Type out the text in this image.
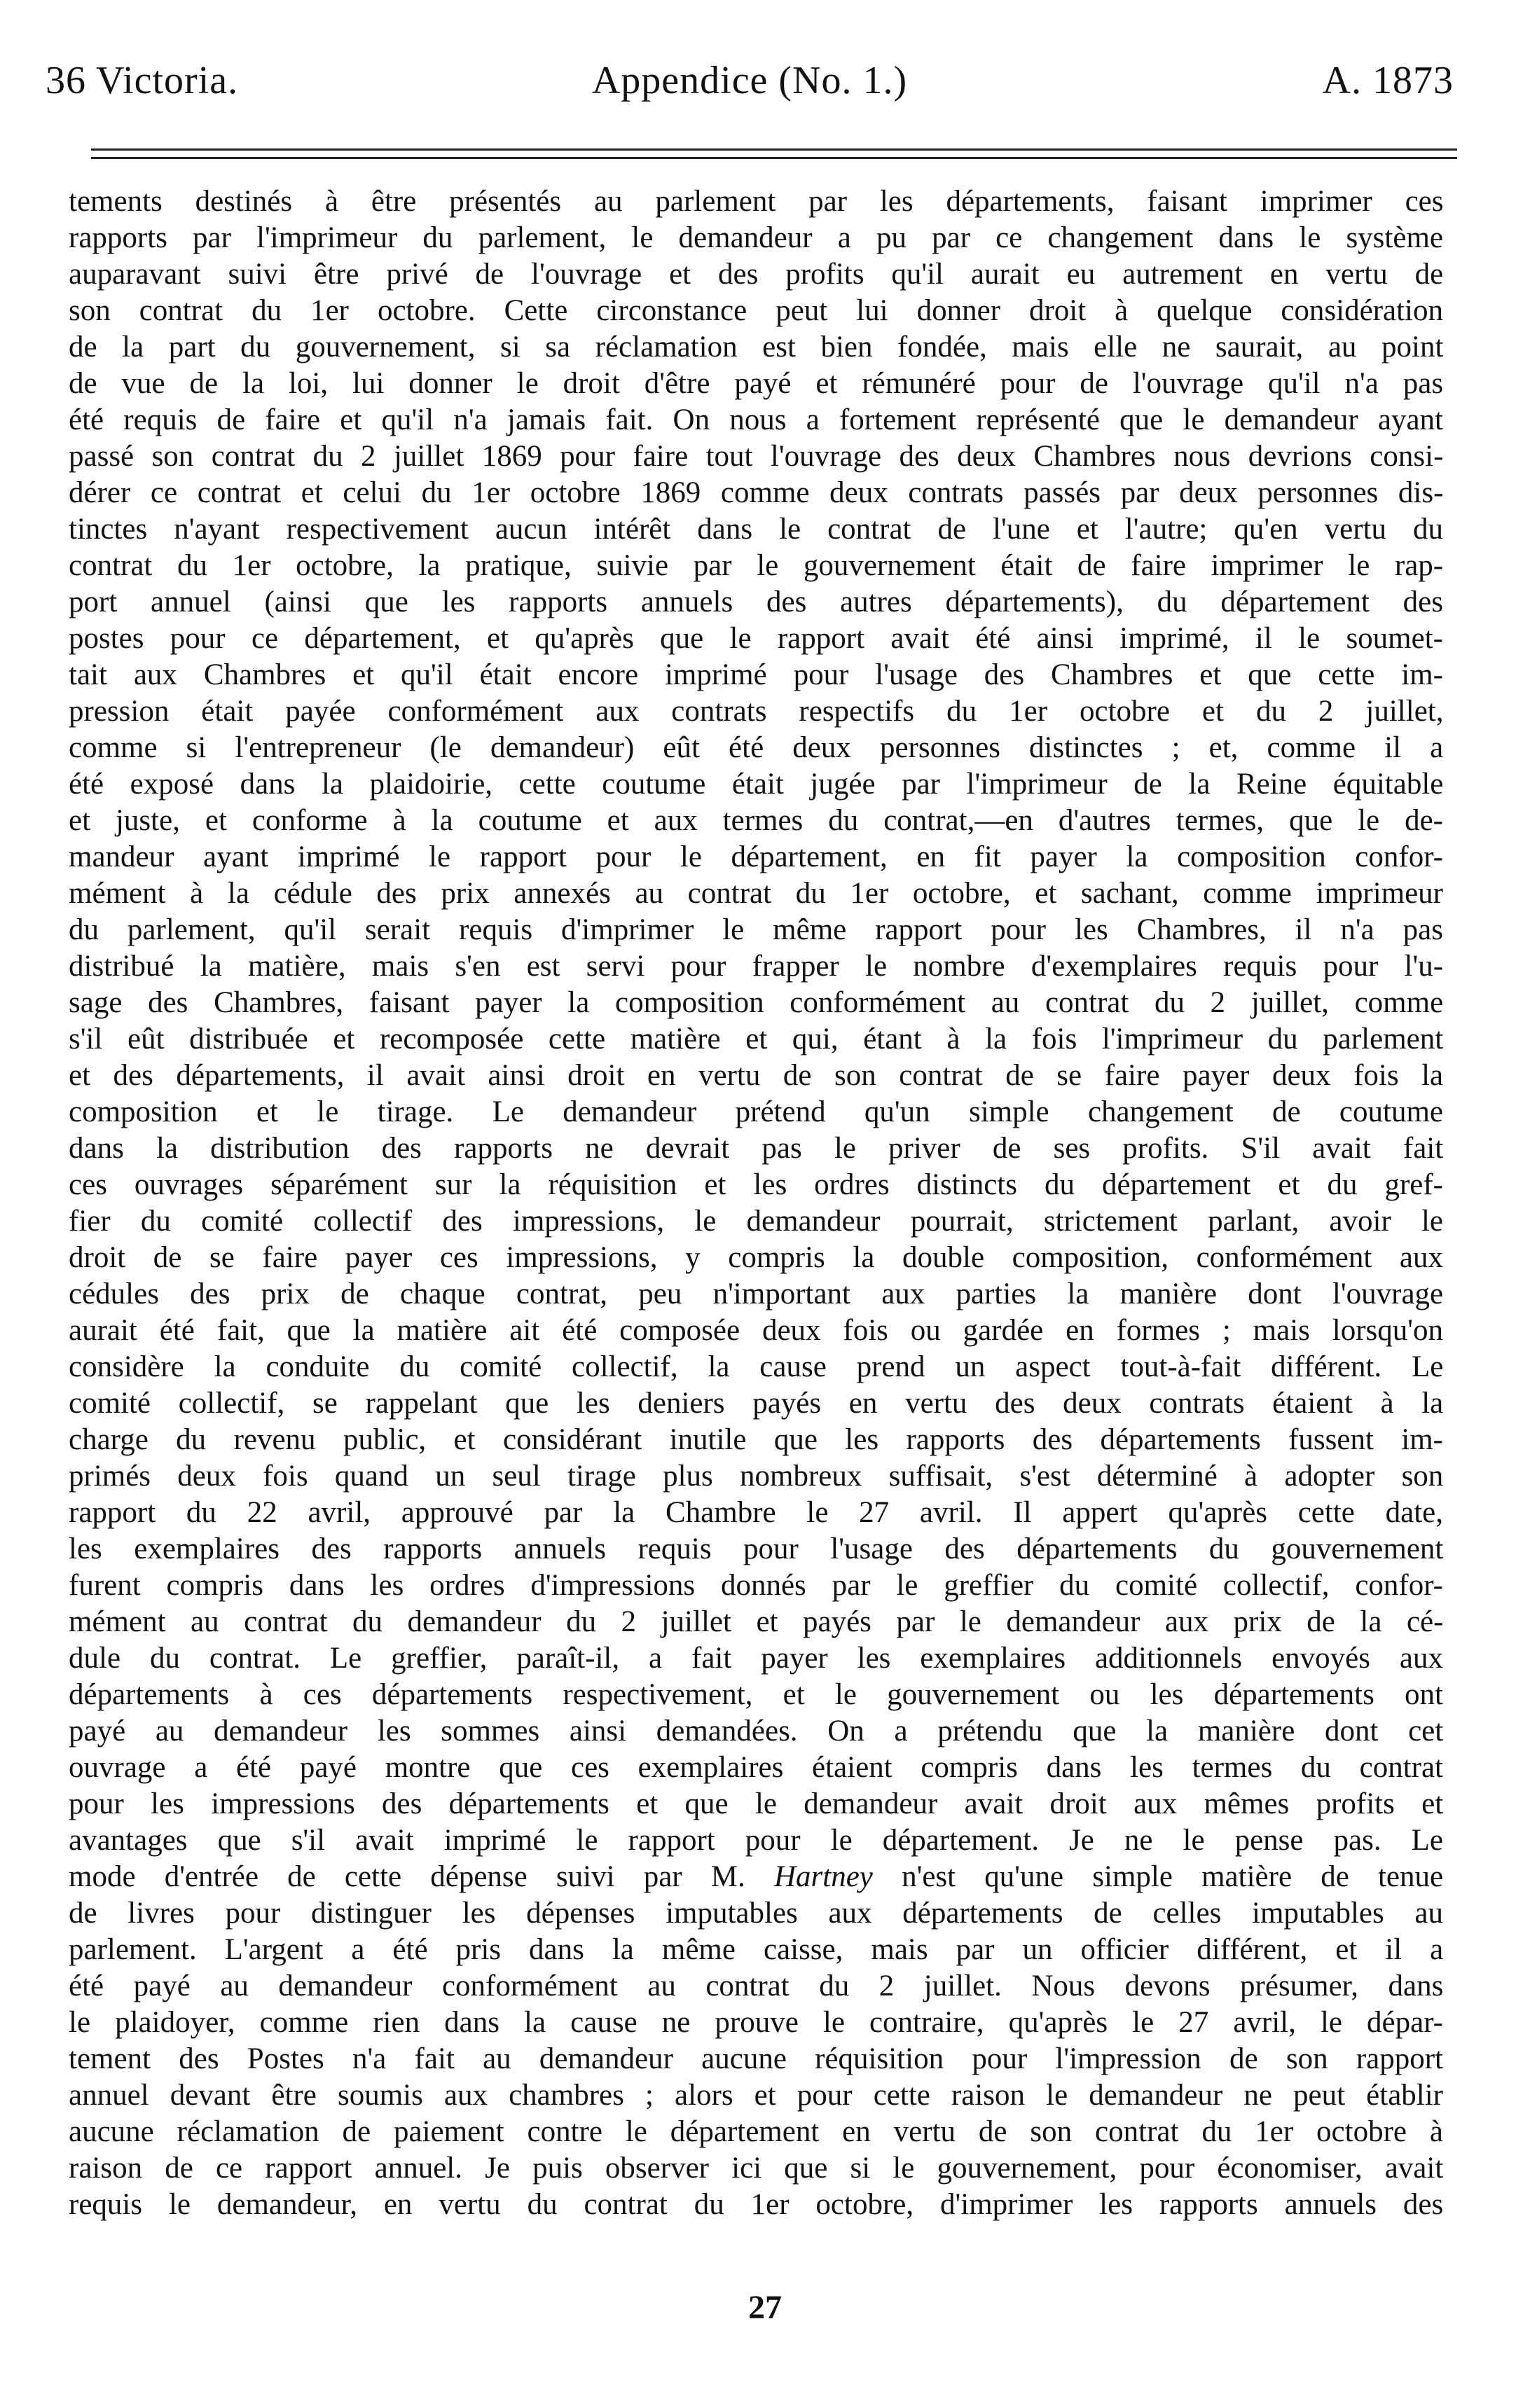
36 Victoria.	Appendice (No. 1.)	A. 1873
tements destinés à être présentés au parlement par les départements, faisant imprimer ces
rapports par l'imprimeur du parlement, le demandeur a pu par ce changement dans le système
auparavant suivi être privé de l'ouvrage et des profits qu'il aurait eu autrement en vertu de
son contrat du 1er octobre. Cette circonstance peut lui donner droit à quelque considération
de la part du gouvernement, si sa réclamation est bien fondée, mais elle ne saurait, au point
de vue de la loi, lui donner le droit d'être payé et rémunéré pour de l'ouvrage qu'il n'a pas
été requis de faire et qu'il n'a jamais fait. On nous a fortement représenté que le demandeur ayant
passé son contrat du 2 juillet 1869 pour faire tout l'ouvrage des deux Chambres nous devrions consi-
dérer ce contrat et celui du 1er octobre 1869 comme deux contrats passés par deux personnes dis-
tinctes n'ayant respectivement aucun intérêt dans le contrat de l'une et l'autre; qu'en vertu du
contrat du 1er octobre, la pratique, suivie par le gouvernement était de faire imprimer le rap-
port annuel (ainsi que les rapports annuels des autres départements), du département des
postes pour ce département, et qu'après que le rapport avait été ainsi imprimé, il le soumet-
tait aux Chambres et qu'il était encore imprimé pour l'usage des Chambres et que cette im-
pression était payée conformément aux contrats respectifs du 1er octobre et du 2 juillet,
comme si l'entrepreneur (le demandeur) eût été deux personnes distinctes ; et, comme il a
été exposé dans la plaidoirie, cette coutume était jugée par l'imprimeur de la Reine équitable
et juste, et conforme à la coutume et aux termes du contrat,—en d'autres termes, que le de-
mandeur ayant imprimé le rapport pour le département, en fit payer la composition confor-
mément à la cédule des prix annexés au contrat du 1er octobre, et sachant, comme imprimeur
du parlement, qu'il serait requis d'imprimer le même rapport pour les Chambres, il n'a pas
distribué la matière, mais s'en est servi pour frapper le nombre d'exemplaires requis pour l'u-
sage des Chambres, faisant payer la composition conformément au contrat du 2 juillet, comme
s'il eût distribuée et recomposée cette matière et qui, étant à la fois l'imprimeur du parlement
et des départements, il avait ainsi droit en vertu de son contrat de se faire payer deux fois la
composition et le tirage. Le demandeur prétend qu'un simple changement de coutume
dans la distribution des rapports ne devrait pas le priver de ses profits. S'il avait fait
ces ouvrages séparément sur la réquisition et les ordres distincts du département et du gref-
fier du comité collectif des impressions, le demandeur pourrait, strictement parlant, avoir le
droit de se faire payer ces impressions, y compris la double composition, conformément aux
cédules des prix de chaque contrat, peu n'important aux parties la manière dont l'ouvrage
aurait été fait, que la matière ait été composée deux fois ou gardée en formes ; mais lorsqu'on
considère la conduite du comité collectif, la cause prend un aspect tout-à-fait différent. Le
comité collectif, se rappelant que les deniers payés en vertu des deux contrats étaient à la
charge du revenu public, et considérant inutile que les rapports des départements fussent im-
primés deux fois quand un seul tirage plus nombreux suffisait, s'est déterminé à adopter son
rapport du 22 avril, approuvé par la Chambre le 27 avril. Il appert qu'après cette date,
les exemplaires des rapports annuels requis pour l'usage des départements du gouvernement
furent compris dans les ordres d'impressions donnés par le greffier du comité collectif, confor-
mément au contrat du demandeur du 2 juillet et payés par le demandeur aux prix de la cé-
dule du contrat. Le greffier, paraît-il, a fait payer les exemplaires additionnels envoyés aux
départements à ces départements respectivement, et le gouvernement ou les départements ont
payé au demandeur les sommes ainsi demandées. On a prétendu que la manière dont cet
ouvrage a été payé montre que ces exemplaires étaient compris dans les termes du contrat
pour les impressions des départements et que le demandeur avait droit aux mêmes profits et
avantages que s'il avait imprimé le rapport pour le département. Je ne le pense pas. Le
mode d'entrée de cette dépense suivi par M. Hartney n'est qu'une simple matière de tenue
de livres pour distinguer les dépenses imputables aux départements de celles imputables au
parlement. L'argent a été pris dans la même caisse, mais par un officier différent, et il a
été payé au demandeur conformément au contrat du 2 juillet. Nous devons présumer, dans
le plaidoyer, comme rien dans la cause ne prouve le contraire, qu'après le 27 avril, le dépar-
tement des Postes n'a fait au demandeur aucune réquisition pour l'impression de son rapport
annuel devant être soumis aux chambres ; alors et pour cette raison le demandeur ne peut établir
aucune réclamation de paiement contre le département en vertu de son contrat du 1er octobre à
raison de ce rapport annuel. Je puis observer ici que si le gouvernement, pour économiser, avait
requis le demandeur, en vertu du contrat du 1er octobre, d'imprimer les rapports annuels des
27
